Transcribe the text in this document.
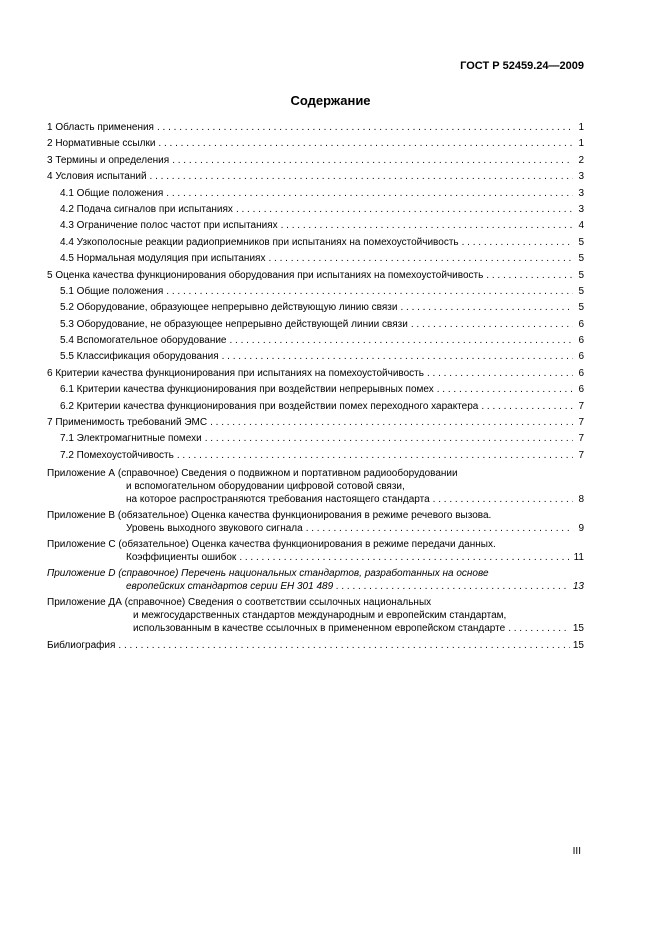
ГОСТ Р 52459.24—2009
Содержание
1 Область применения . . .	1
2 Нормативные ссылки . . .	1
3 Термины и определения . . .	2
4 Условия испытаний . . .	3
4.1 Общие положения . . .	3
4.2 Подача сигналов при испытаниях . . .	3
4.3 Ограничение полос частот при испытаниях . . .	4
4.4 Узкополосные реакции радиоприемников при испытаниях на помехоустойчивость . . .	5
4.5 Нормальная модуляция при испытаниях . . .	5
5 Оценка качества функционирования оборудования при испытаниях на помехоустойчивость . . .	5
5.1 Общие положения . . .	5
5.2 Оборудование, образующее непрерывно действующую линию связи . . .	5
5.3 Оборудование, не образующее непрерывно действующей линии связи . . .	6
5.4 Вспомогательное оборудование . . .	6
5.5 Классификация оборудования . . .	6
6 Критерии качества функционирования при испытаниях на помехоустойчивость . . .	6
6.1 Критерии качества функционирования при воздействии непрерывных помех . . .	6
6.2 Критерии качества функционирования при воздействии помех переходного характера . . .	7
7 Применимость требований ЭМС . . .	7
7.1 Электромагнитные помехи . . .	7
7.2 Помехоустойчивость . . .	7
Приложение А (справочное) Сведения о подвижном и портативном радиооборудовании
и вспомогательном оборудовании цифровой сотовой связи,
на которое распространяются требования настоящего стандарта . . .	8
Приложение В (обязательное) Оценка качества функционирования в режиме речевого вызова.
Уровень выходного звукового сигнала . . .	9
Приложение С (обязательное) Оценка качества функционирования в режиме передачи данных.
Коэффициенты ошибок . . .	11
Приложение D (справочное) Перечень национальных стандартов, разработанных на основе
европейских стандартов серии ЕН 301 489 . . .	13
Приложение ДА (справочное) Сведения о соответствии ссылочных национальных
и межгосударственных стандартов международным и европейским стандартам,
использованным в качестве ссылочных в примененном европейском стандарте . . .	15
Библиография . . .	15
III
